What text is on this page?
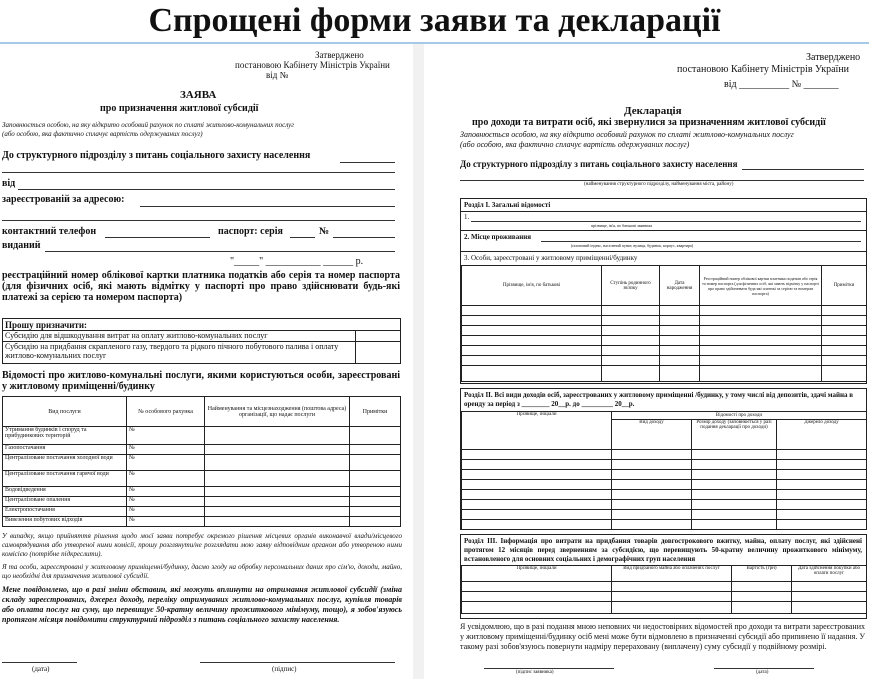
Спрощені форми заяви та декларації
Затверджено
постановою Кабінету Міністрів України
від №
ЗАЯВА
про призначення житлової субсидії
Заповнюється особою, на яку відкрито особовий рахунок по сплаті житлово-комунальних послуг
(або особою, яка фактично сплачує вартість одержуваних послуг)
До структурного підрозділу з питань соціального захисту населення
від
зареєстрованій за адресою:
контактний телефон	паспорт: серія	№
виданий
"_____" ___________ ______ р.
реєстраційний номер облікової картки платника податків або серія та номер паспорта (для фізичних осіб, які мають відмітку у паспорті про право здійснювати будь-які платежі за серією та номером паспорта)
Прошу призначити:
Субсидію для відшкодування витрат на оплату житлово-комунальних послуг
Субсидію на придбання скрапленого газу, твердого та рідкого пічного побутового палива і оплату житлово-комунальних послуг
Відомості про житлово-комунальні послуги, якими користуються особи, зареєстровані у житловому приміщенні/будинку
Вид послуги	№ особового рахунка	Найменування та місцезнаходження (поштова адреса) організації, що надає послуги	Примітки
Утримання будинків і споруд та прибудинкових територій	№		
Газопостачання	№		
Централізоване постачання холодної води	№		
Централізоване постачання гарячої води	№		
Водовідведення	№		
Централізоване опалення	№		
Електропостачання	№		
Вивезення побутових відходів	№		
У випадку, якщо прийняття рішення щодо моєї заяви потребує окремого рішення місцевих органів виконавчої влади/місцевого самоврядування або утвореної ними комісії, прошу розглянути/не розглядати мою заяву відповідним органом або утвореною ними комісією (потрібне підкреслити).
Я та особи, зареєстровані у житловому приміщенні/будинку, даємо згоду на обробку персональних даних про сім'ю, доходи, майно, що необхідні для призначення житлової субсидії.
Мене повідомлено, що в разі зміни обставин, які можуть вплинути на отримання житлової субсидії (зміна складу зареєстрованих, джерел доходу, переліку отримуваних житлово-комунальних послуг, купівля товарів або оплата послуг на суму, що перевищує 50-кратну величину прожиткового мінімуму, тощо), я зобов'язуюсь протягом місяця повідомити структурний підрозділ з питань соціального захисту населення.
(дата)	(підпис)
Затверджено
постановою Кабінету Міністрів України
від __________ № _______
Декларація
про доходи та витрати осіб, які звернулися за призначенням житлової субсидії
Заповнюється особою, на яку відкрито особовий рахунок по сплаті житлово-комунальних послуг
(або особою, яка фактично сплачує вартість одержуваних послуг)
До структурного підрозділу з питань соціального захисту населення
(найменування структурного підрозділу, найменування міста, району)
Розділ І. Загальні відомості
1.
прізвище, ім'я, по батькові заявника
2. Місце проживання
(поштовий індекс, населений пункт, вулиця, будинок, корпус, квартира)
3. Особи, зареєстровані у житловому приміщенні/будинку
Прізвище, ім'я, по батькові	Ступінь родинного зв'язку	Дата народження	Реєстраційний номер облікової картки платника податків або серія та номер паспорта (для фізичних осіб, які мають відмітку у паспорті про право здійснювати будь-які платежі за серією та номером паспорта)	Примітки

Розділ ІІ. Всі види доходів осіб, зареєстрованих у житловому приміщенні /будинку, у тому числі від депозитів, здачі майна в оренду за період з ________ 20__р. до _________ 20__р.
Прізвище, ініціали	Відомості про доходи		
	Вид доходу	Розмір доходу (заповнюється у разі подання декларації про доходи)	Джерело доходу

Розділ ІІІ. Інформація про витрати на придбання товарів довгострокового вжитку, майна, оплату послуг, які здійснені протягом 12 місяців перед зверненням за субсидією, що перевищують 50-кратну величину прожиткового мінімуму, встановленого для основних соціальних і демографічних груп населення
Прізвище, ініціали	Вид придбаного майна або оплачених послуг	Вартість (грн)	Дата здійснення покупки або оплати послуг

Я усвідомлюю, що в разі подання мною неповних чи недостовірних відомостей про доходи та витрати зареєстрованих у житловому приміщенні/будинку осіб мені може бути відмовлено в призначенні субсидії або припинено її надання. У такому разі зобов'язуюсь повернути надміру перераховану (виплачену) суму субсидії у подвійному розмірі.
(підпис заявника)	(дата)
